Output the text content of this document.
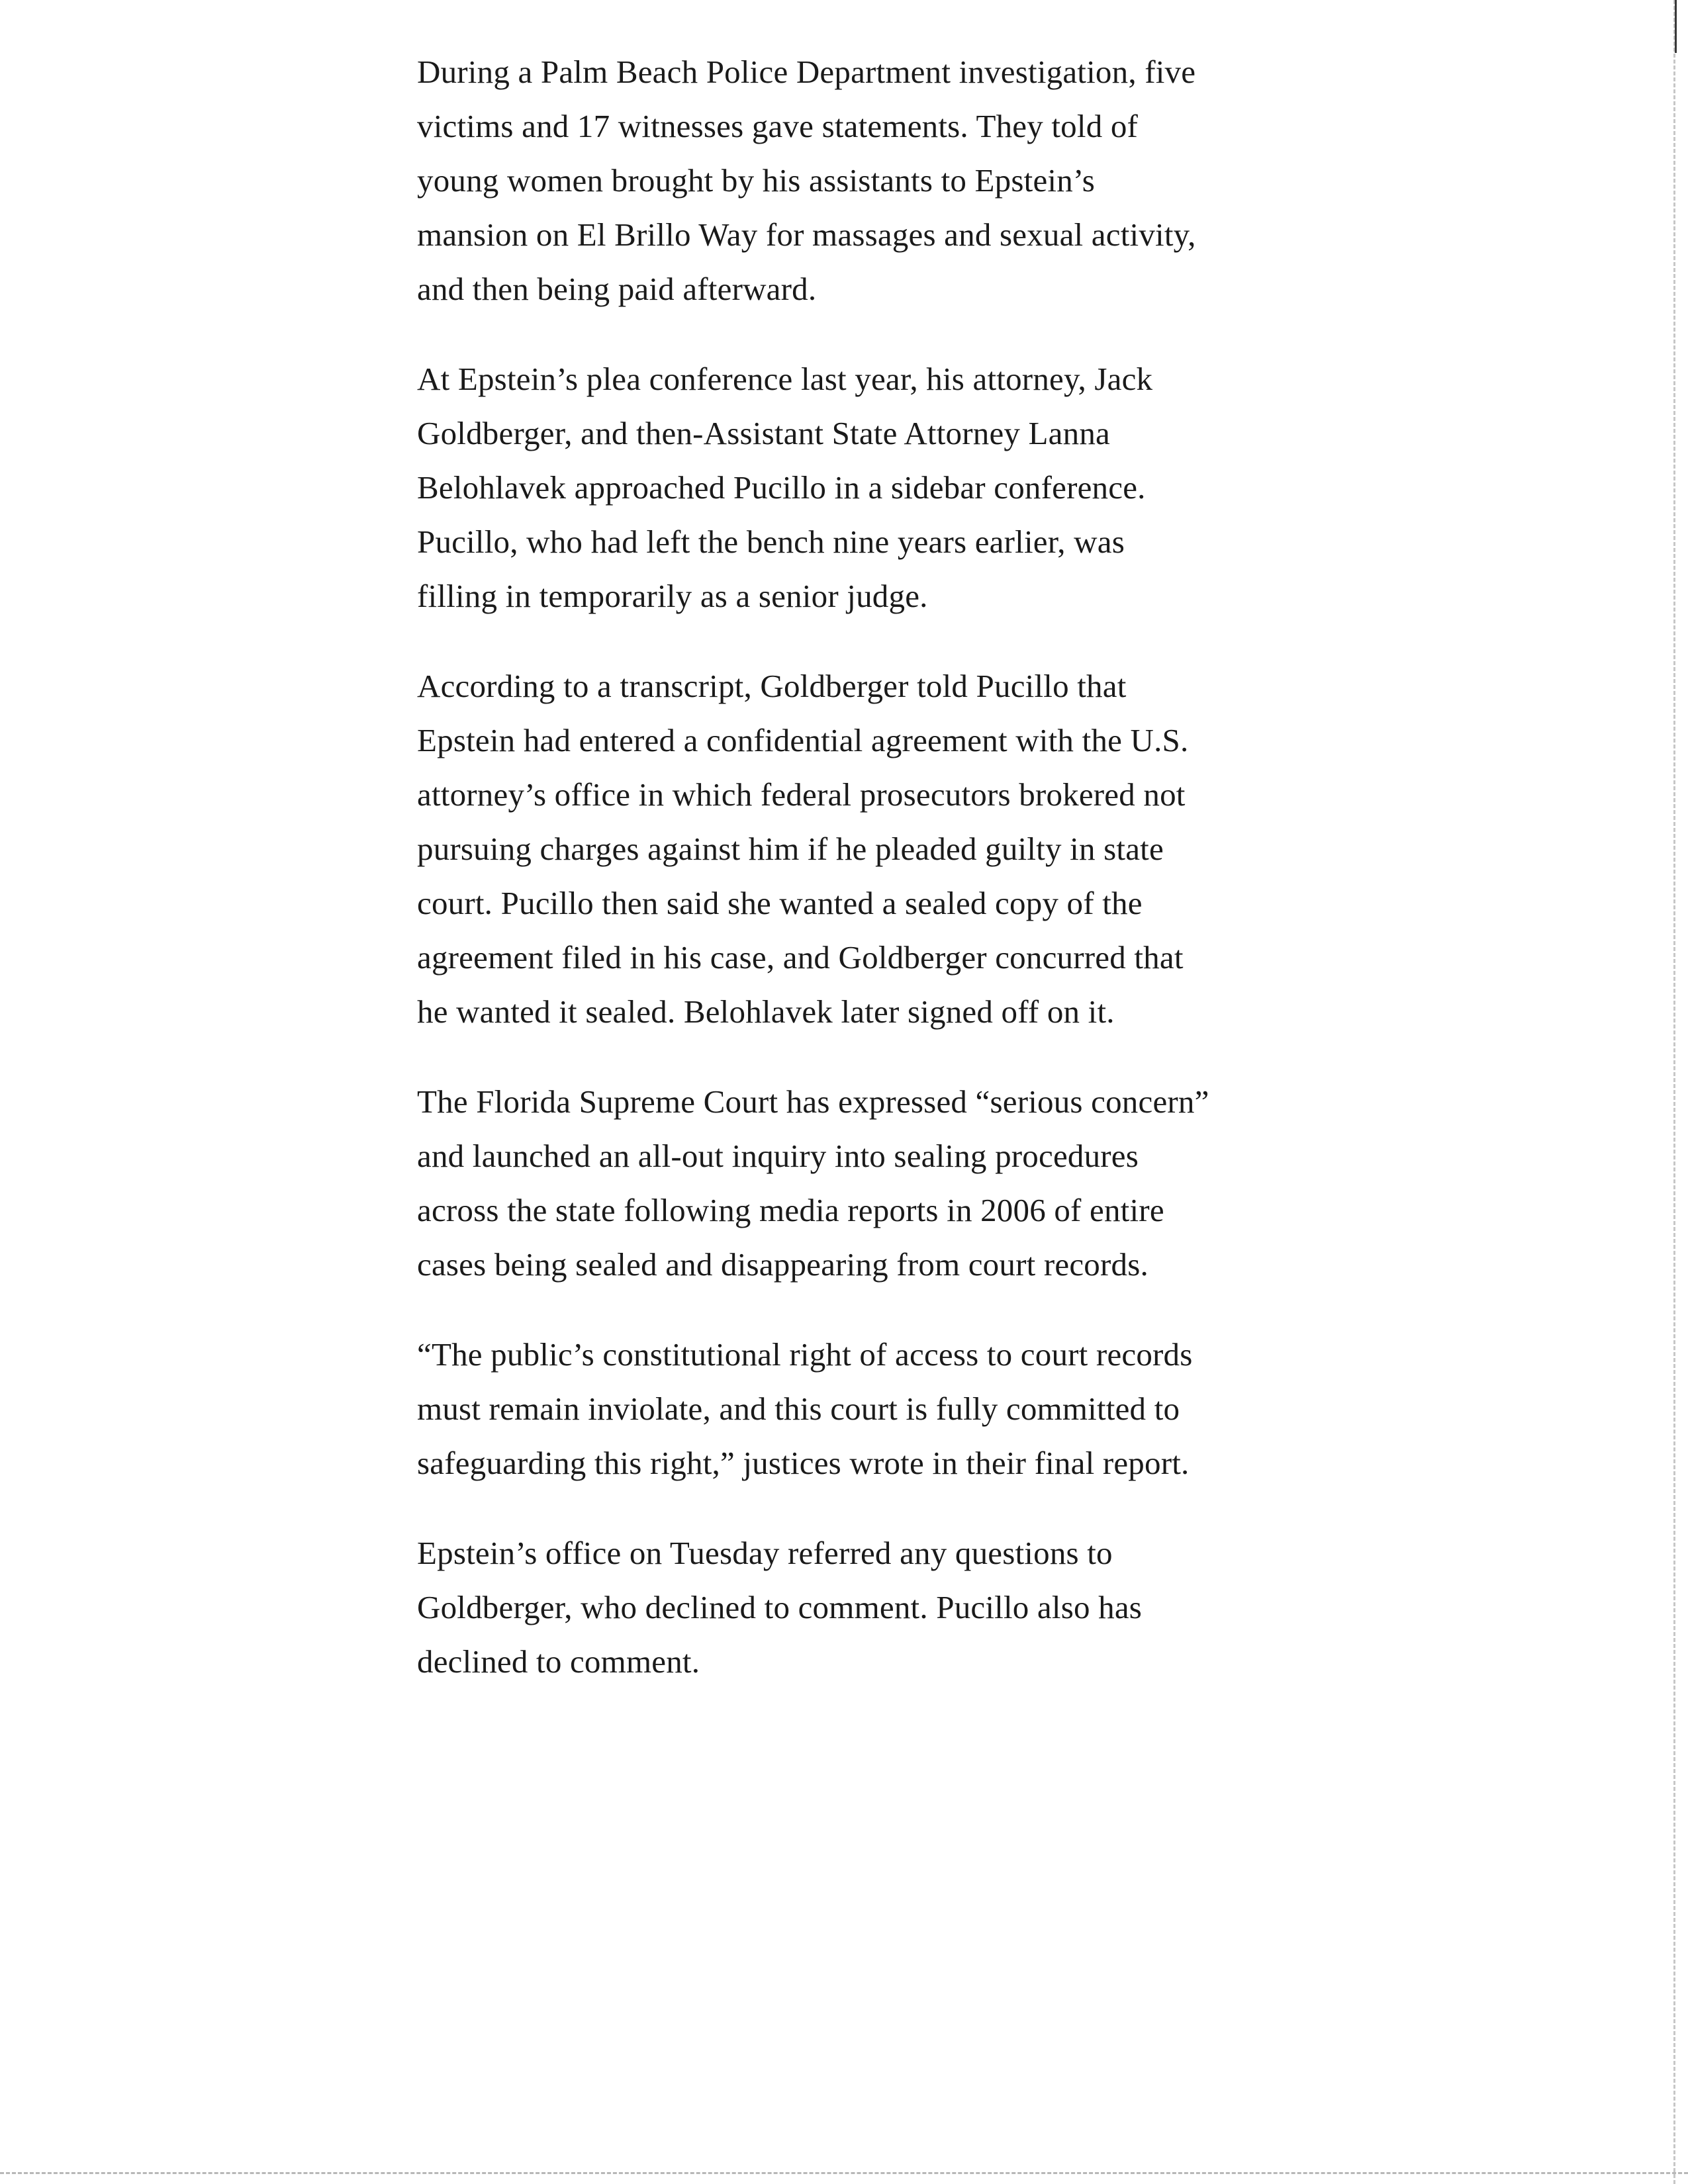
During a Palm Beach Police Department investigation, five
victims and 17 witnesses gave statements. They told of
young women brought by his assistants to Epstein’s
mansion on El Brillo Way for massages and sexual activity,
and then being paid afterward.

At Epstein’s plea conference last year, his attorney, Jack
Goldberger, and then-Assistant State Attorney Lanna
Belohlavek approached Pucillo in a sidebar conference.
Pucillo, who had left the bench nine years earlier, was
filling in temporarily as a senior judge.

According to a transcript, Goldberger told Pucillo that
Epstein had entered a confidential agreement with the U.S.
attorney’s office in which federal prosecutors brokered not
pursuing charges against him if he pleaded guilty in state
court. Pucillo then said she wanted a sealed copy of the
agreement filed in his case, and Goldberger concurred that
he wanted it sealed. Belohlavek later signed off on it.

The Florida Supreme Court has expressed “serious concern”
and launched an all-out inquiry into sealing procedures
across the state following media reports in 2006 of entire
cases being sealed and disappearing from court records.

“The public’s constitutional right of access to court records
must remain inviolate, and this court is fully committed to
safeguarding this right,” justices wrote in their final report.

Epstein’s office on Tuesday referred any questions to
Goldberger, who declined to comment. Pucillo also has
declined to comment.
